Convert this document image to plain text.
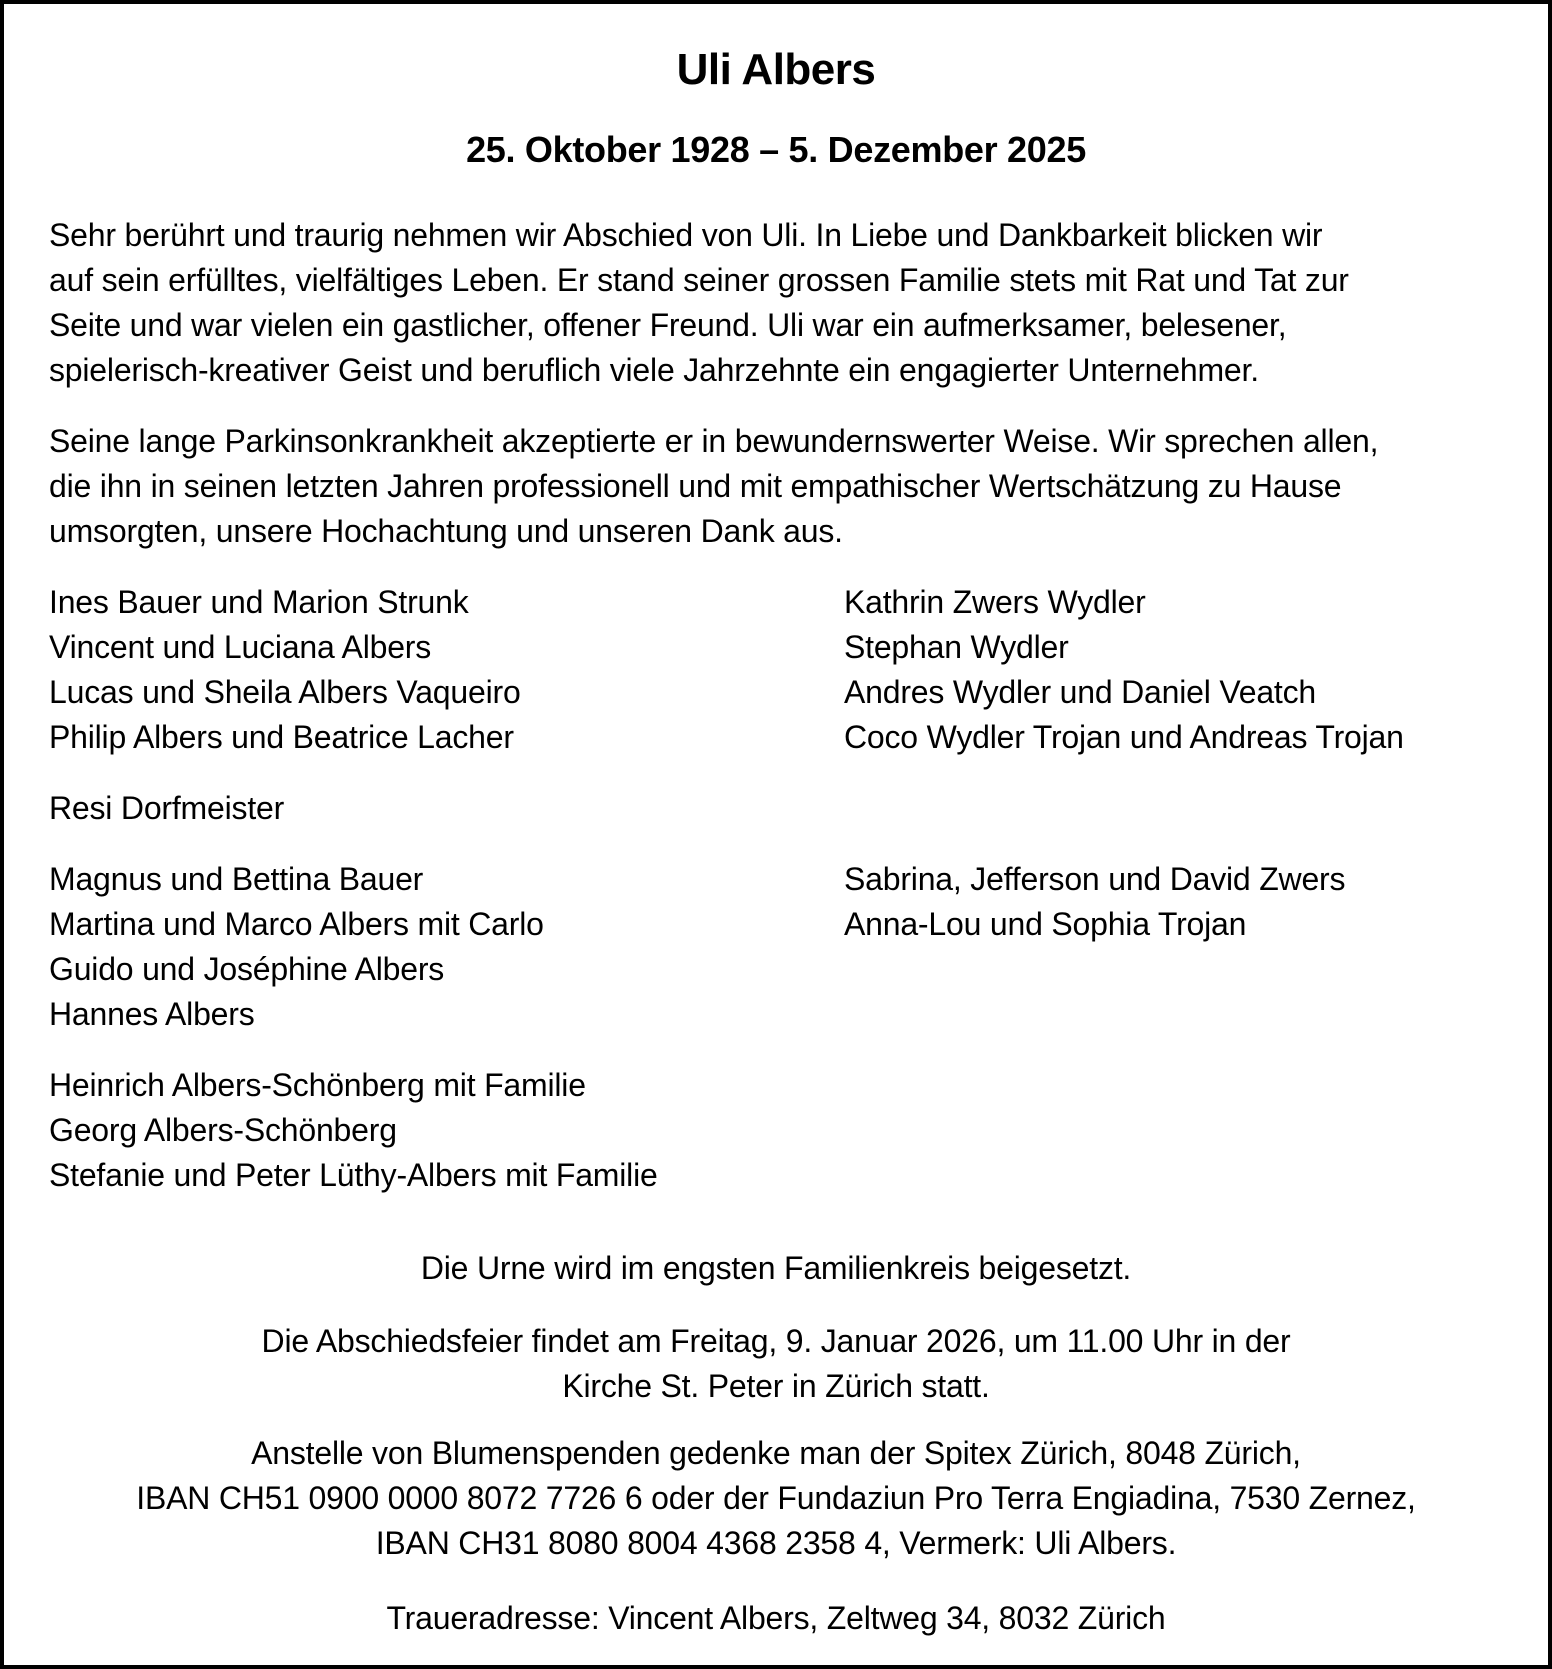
Uli Albers
25. Oktober 1928 – 5. Dezember 2025
Sehr berührt und traurig nehmen wir Abschied von Uli. In Liebe und Dankbarkeit blicken wir
auf sein erfülltes, vielfältiges Leben. Er stand seiner grossen Familie stets mit Rat und Tat zur
Seite und war vielen ein gastlicher, offener Freund. Uli war ein aufmerksamer, belesener,
spielerisch-kreativer Geist und beruflich viele Jahrzehnte ein engagierter Unternehmer.
Seine lange Parkinsonkrankheit akzeptierte er in bewundernswerter Weise. Wir sprechen allen,
die ihn in seinen letzten Jahren professionell und mit empathischer Wertschätzung zu Hause
umsorgten, unsere Hochachtung und unseren Dank aus.
Ines Bauer und Marion Strunk
Vincent und Luciana Albers
Lucas und Sheila Albers Vaqueiro
Philip Albers und Beatrice Lacher
Kathrin Zwers Wydler
Stephan Wydler
Andres Wydler und Daniel Veatch
Coco Wydler Trojan und Andreas Trojan
Resi Dorfmeister
Magnus und Bettina Bauer
Martina und Marco Albers mit Carlo
Guido und Joséphine Albers
Hannes Albers
Sabrina, Jefferson und David Zwers
Anna-Lou und Sophia Trojan
Heinrich Albers-Schönberg mit Familie
Georg Albers-Schönberg
Stefanie und Peter Lüthy-Albers mit Familie
Die Urne wird im engsten Familienkreis beigesetzt.
Die Abschiedsfeier findet am Freitag, 9. Januar 2026, um 11.00 Uhr in der
Kirche St. Peter in Zürich statt.
Anstelle von Blumenspenden gedenke man der Spitex Zürich, 8048 Zürich,
IBAN CH51 0900 0000 8072 7726 6 oder der Fundaziun Pro Terra Engiadina, 7530 Zernez,
IBAN CH31 8080 8004 4368 2358 4, Vermerk: Uli Albers.
Traueradresse: Vincent Albers, Zeltweg 34, 8032 Zürich
